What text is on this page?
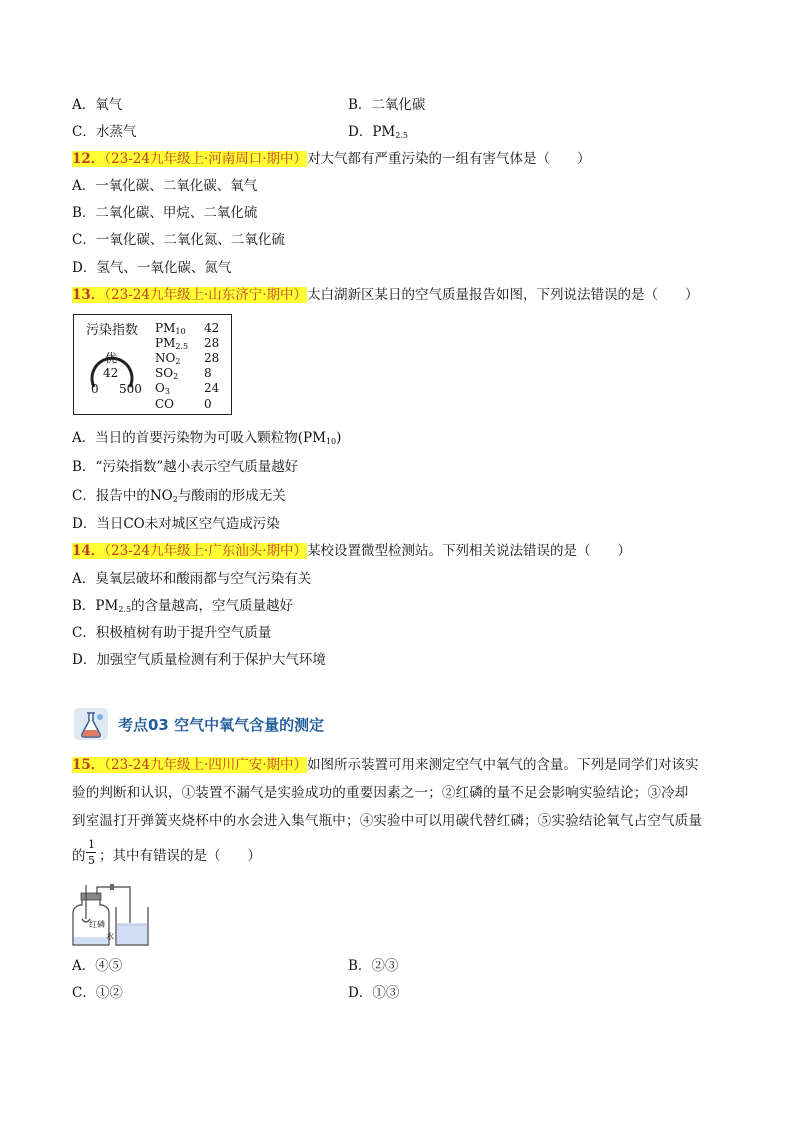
A．氧气	B．二氧化碳
C．水蒸气	D．$PM_{2.5}$
12．（23-24九年级上·河南周口·期中）对大气都有严重污染的一组有害气体是（　　）
A．一氧化碳、二氧化碳、氧气
B．二氧化碳、甲烷、二氧化硫
C．一氧化碳、二氧化氮、二氧化硫
D．氢气、一氧化碳、氮气
13．（23-24九年级上·山东济宁·期中）太白湖新区某日的空气质量报告如图，下列说法错误的是（　　）
污染指数
优
42
0 500
$PM_{10}$ 42
$PM_{2.5}$ 28
$NO_2$ 28
$SO_2$ 8
$O_3$	24
CO 0
A．当日的首要污染物为可吸入颗粒物$(PM_{10})$
B．“污染指数”越小表示空气质量越好
C．报告中的$NO_2$与酸雨的形成无关
D．当日CO未对城区空气造成污染
14．（23-24九年级上·广东汕头·期中）某校设置微型检测站。下列相关说法错误的是（　　）
A．臭氧层破坏和酸雨都与空气污染有关
B．$PM_{2.5}$的含量越高，空气质量越好
C．积极植树有助于提升空气质量
D．加强空气质量检测有利于保护大气环境
考点03 空气中氧气含量的测定
15．（23-24九年级上·四川广安·期中）如图所示装置可用来测定空气中氧气的含量。下列是同学们对该实
验的判断和认识，①装置不漏气是实验成功的重要因素之一；②红磷的量不足会影响实验结论；③冷却
到室温打开弹簧夹烧杯中的水会进入集气瓶中；④实验中可以用碳代替红磷；⑤实验结论氧气占空气质量
的
1
5 ；其中有错误的是（　　）
红磷
水
A．④⑤	B．②③
C．①②	D．①③
